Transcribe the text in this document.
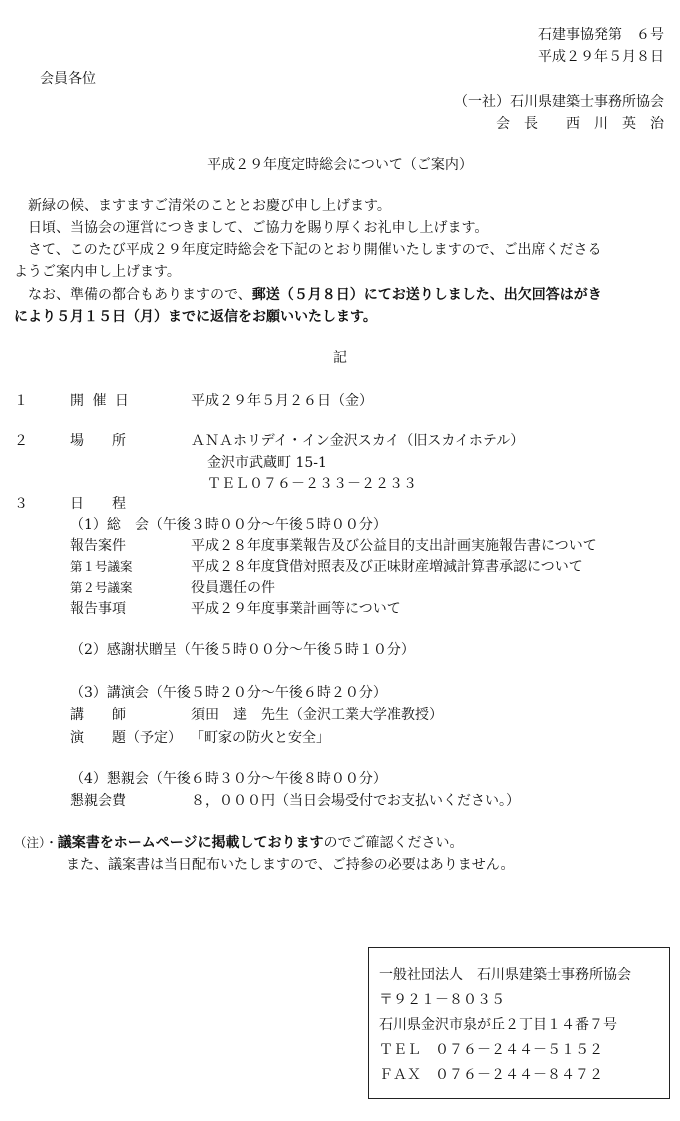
石建事協発第　６号
平成２９年５月８日
会員各位
（一社）石川県建築士事務所協会
会　長　　西　川　英　治
平成２９年度定時総会について（ご案内）
新緑の候、ますますご清栄のこととお慶び申し上げます。
日頃、当協会の運営につきまして、ご協力を賜り厚くお礼申し上げます。
さて、このたび平成２９年度定時総会を下記のとおり開催いたしますので、ご出席くださる
ようご案内申し上げます。
なお、準備の都合もありますので、郵送（５月８日）にてお送りしました、出欠回答はがき
により５月１５日（月）までに返信をお願いいたします。
記
１	開 催 日	平成２９年５月２６日（金）
２	場　　所	ＡＮＡホリデイ・イン金沢スカイ（旧スカイホテル）
金沢市武蔵町 15-1
ＴＥＬ０７６－２３３－２２３３
３	日　　程
（1）総　会（午後３時００分～午後５時００分）
報告案件	平成２８年度事業報告及び公益目的支出計画実施報告書について
第１号議案	平成２８年度貸借対照表及び正味財産増減計算書承認について
第２号議案	役員選任の件
報告事項	平成２９年度事業計画等について
（2）感謝状贈呈（午後５時００分～午後５時１０分）
（3）講演会（午後５時２０分～午後６時２０分）
講　　師	須田　達　先生（金沢工業大学准教授）
演　　題（予定） 「町家の防火と安全」
（4）懇親会（午後６時３０分～午後８時００分）
懇親会費	８，０００円（当日会場受付でお支払いください。）
（注）・議案書をホームページに掲載しておりますのでご確認ください。
また、議案書は当日配布いたしますので、ご持参の必要はありません。
一般社団法人　石川県建築士事務所協会
〒９２１－８０３５
石川県金沢市泉が丘２丁目１４番７号
ＴＥＬ　０７６－２４４－５１５２
ＦＡＸ　０７６－２４４－８４７２
